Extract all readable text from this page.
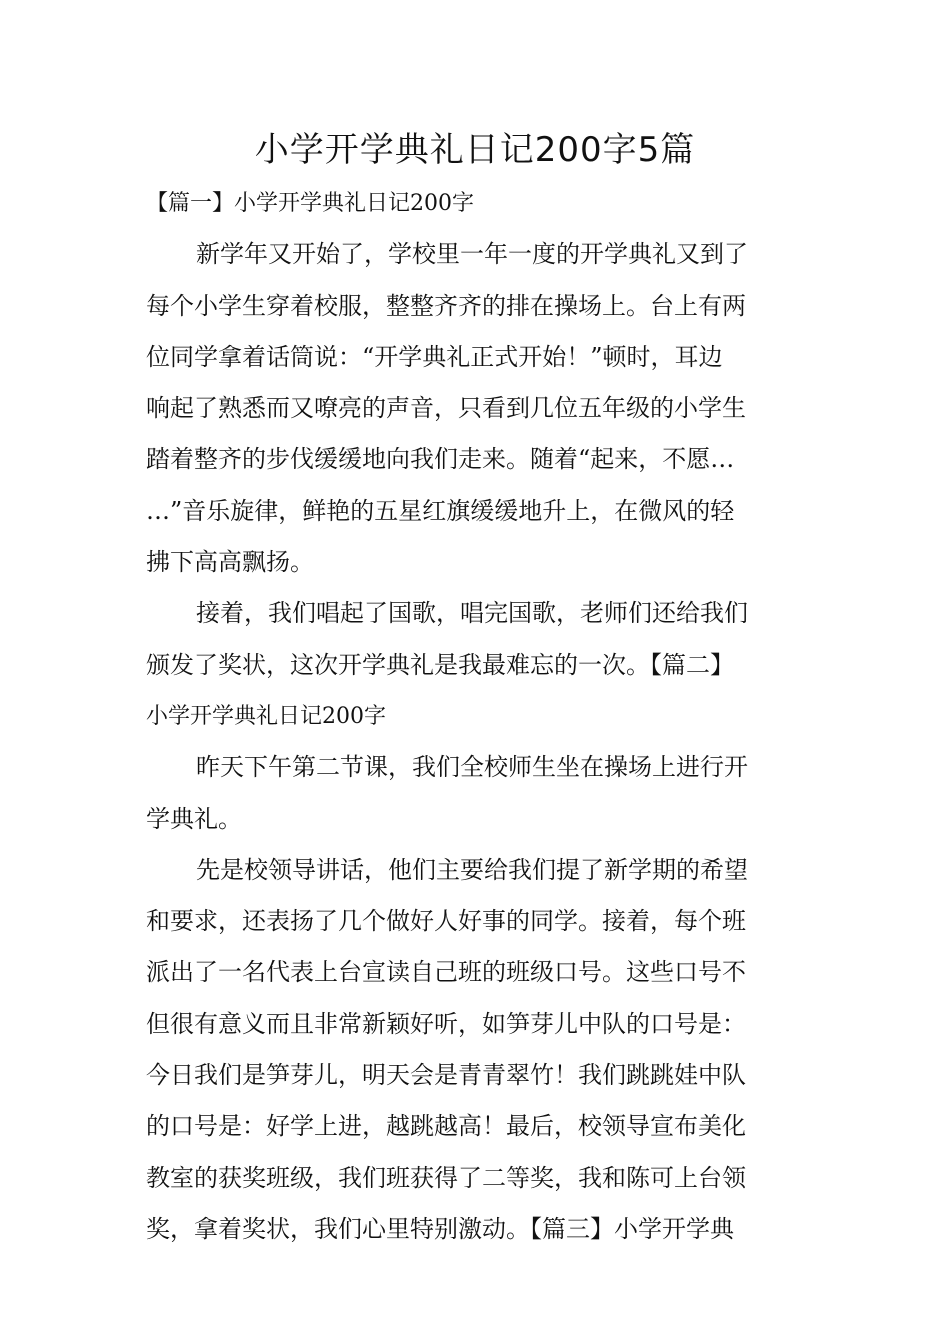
小学开学典礼日记200字5篇
【篇一】小学开学典礼日记200字
新学年又开始了，学校里一年一度的开学典礼又到了
每个小学生穿着校服，整整齐齐的排在操场上。台上有两
位同学拿着话筒说：“开学典礼正式开始！”顿时，耳边
响起了熟悉而又嘹亮的声音，只看到几位五年级的小学生
踏着整齐的步伐缓缓地向我们走来。随着“起来，不愿…
…”音乐旋律，鲜艳的五星红旗缓缓地升上，在微风的轻
拂下高高飘扬。
接着，我们唱起了国歌，唱完国歌，老师们还给我们
颁发了奖状，这次开学典礼是我最难忘的一次。【篇二】
小学开学典礼日记200字
昨天下午第二节课，我们全校师生坐在操场上进行开
学典礼。
先是校领导讲话，他们主要给我们提了新学期的希望
和要求，还表扬了几个做好人好事的同学。接着，每个班
派出了一名代表上台宣读自己班的班级口号。这些口号不
但很有意义而且非常新颖好听，如笋芽儿中队的口号是：
今日我们是笋芽儿，明天会是青青翠竹！我们跳跳娃中队
的口号是：好学上进，越跳越高！最后，校领导宣布美化
教室的获奖班级，我们班获得了二等奖，我和陈可上台领
奖，拿着奖状，我们心里特别激动。【篇三】小学开学典
